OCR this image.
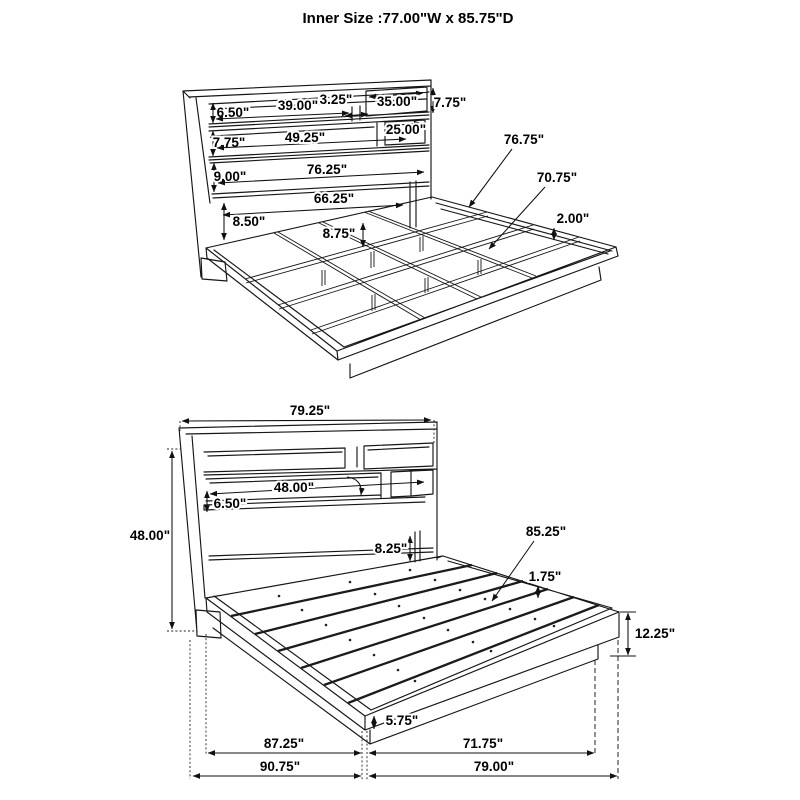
Inner Size :77.00"W x 85.75"D
6.50" 39.00" 3.25" 35.00" 7.75"
7.75"	49.25"
25.00"
9.00"	76.25"
66.25"
8.50"
8.75"
76.75"
70.75"
2.00"
79.25"
48.00"
48.00"
6.50"
8.25"
85.25"
1.75"
12.25"
5.75"
87.25"	71.75"
90.75"	79.00"
